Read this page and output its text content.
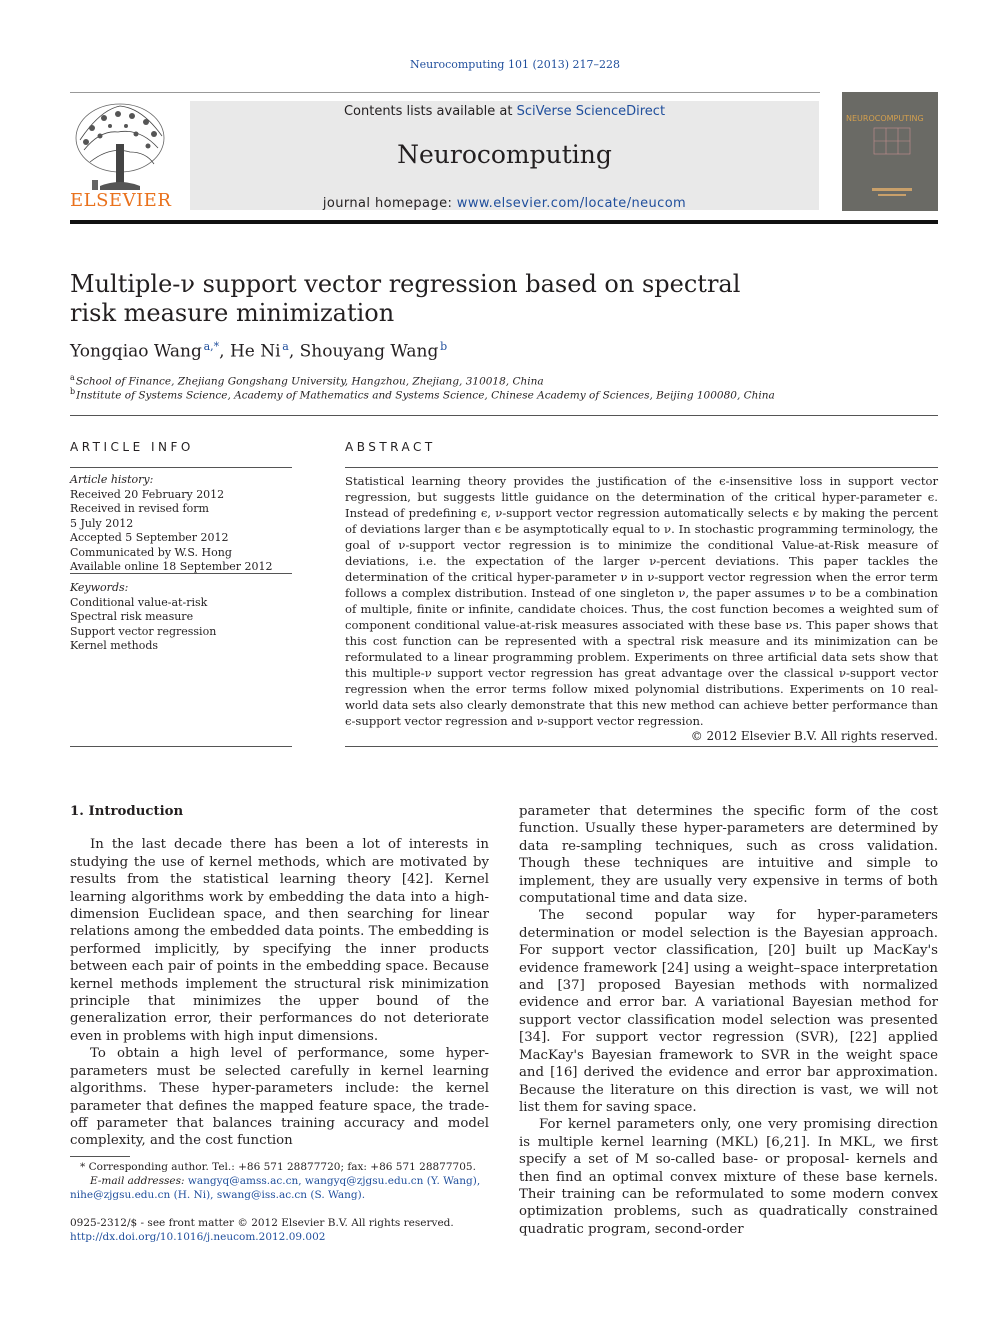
Neurocomputing 101 (2013) 217–228
ELSEVIER
Contents lists available at SciVerse ScienceDirect
Neurocomputing
journal homepage: www.elsevier.com/locate/neucom
NEUROCOMPUTING
Multiple-ν support vector regression based on spectral risk measure minimization
Yongqiao Wang  $^{a,*}$, He Ni  $^a$, Shouyang Wang  $^b$
$^a$ School of Finance, Zhejiang Gongshang University, Hangzhou, Zhejiang, 310018, China
$^b$ Institute of Systems Science, Academy of Mathematics and Systems Science, Chinese Academy of Sciences, Beijing 100080, China
ARTICLE INFO
Article history:
Received 20 February 2012
Received in revised form
5 July 2012
Accepted 5 September 2012
Communicated by W.S. Hong
Available online 18 September 2012
Keywords:
Conditional value-at-risk
Spectral risk measure
Support vector regression
Kernel methods
ABSTRACT
Statistical learning theory provides the justification of the ϵ-insensitive loss in support vector regression, but suggests little guidance on the determination of the critical hyper-parameter ϵ. Instead of predefining ϵ, ν-support vector regression automatically selects ϵ by making the percent of deviations larger than ϵ be asymptotically equal to ν. In stochastic programming terminology, the goal of ν-support vector regression is to minimize the conditional Value-at-Risk measure of deviations, i.e. the expectation of the larger ν-percent deviations. This paper tackles the determination of the critical hyper-parameter ν in ν-support vector regression when the error term follows a complex distribution. Instead of one singleton ν, the paper assumes ν to be a combination of multiple, finite or infinite, candidate choices. Thus, the cost function becomes a weighted sum of component conditional value-at-risk measures associated with these base νs. This paper shows that this cost function can be represented with a spectral risk measure and its minimization can be reformulated to a linear programming problem. Experiments on three artificial data sets show that this multiple-ν support vector regression has great advantage over the classical ν-support vector regression when the error terms follow mixed polynomial distributions. Experiments on 10 real-world data sets also clearly demonstrate that this new method can achieve better performance than ϵ-support vector regression and ν-support vector regression.
© 2012 Elsevier B.V. All rights reserved.
1. Introduction

In the last decade there has been a lot of interests in studying the use of kernel methods, which are motivated by results from the statistical learning theory [42]. Kernel learning algorithms work by embedding the data into a high-dimension Euclidean space, and then searching for linear relations among the embedded data points. The embedding is performed implicitly, by specifying the inner products between each pair of points in the embedding space. Because kernel methods implement the structural risk minimization principle that minimizes the upper bound of the generalization error, their performances do not deteriorate even in problems with high input dimensions.

To obtain a high level of performance, some hyper-parameters must be selected carefully in kernel learning algorithms. These hyper-parameters include: the kernel parameter that defines the mapped feature space, the trade-off parameter that balances training accuracy and model complexity, and the cost function

parameter that determines the specific form of the cost function. Usually these hyper-parameters are determined by data re-sampling techniques, such as cross validation. Though these techniques are intuitive and simple to implement, they are usually very expensive in terms of both computational time and data size.

The second popular way for hyper-parameters determination or model selection is the Bayesian approach. For support vector classification, [20] built up MacKay's evidence framework [24] using a weight–space interpretation and [37] proposed Bayesian methods with normalized evidence and error bar. A variational Bayesian method for support vector classification model selection was presented [34]. For support vector regression (SVR), [22] applied MacKay's Bayesian framework to SVR in the weight space and [16] derived the evidence and error bar approximation. Because the literature on this direction is vast, we will not list them for saving space.

For kernel parameters only, one very promising direction is multiple kernel learning (MKL) [6,21]. In MKL, we first specify a set of M so-called base- or proposal- kernels and then find an optimal convex mixture of these base kernels. Their training can be reformulated to some modern convex optimization problems, such as quadratically constrained quadratic program, second-order

* Corresponding author. Tel.: +86 571 28877720; fax: +86 571 28877705.
E-mail addresses: wangyq@amss.ac.cn, wangyq@zjgsu.edu.cn (Y. Wang),
nihe@zjgsu.edu.cn (H. Ni), swang@iss.ac.cn (S. Wang).
0925-2312/$ - see front matter © 2012 Elsevier B.V. All rights reserved.
http://dx.doi.org/10.1016/j.neucom.2012.09.002
